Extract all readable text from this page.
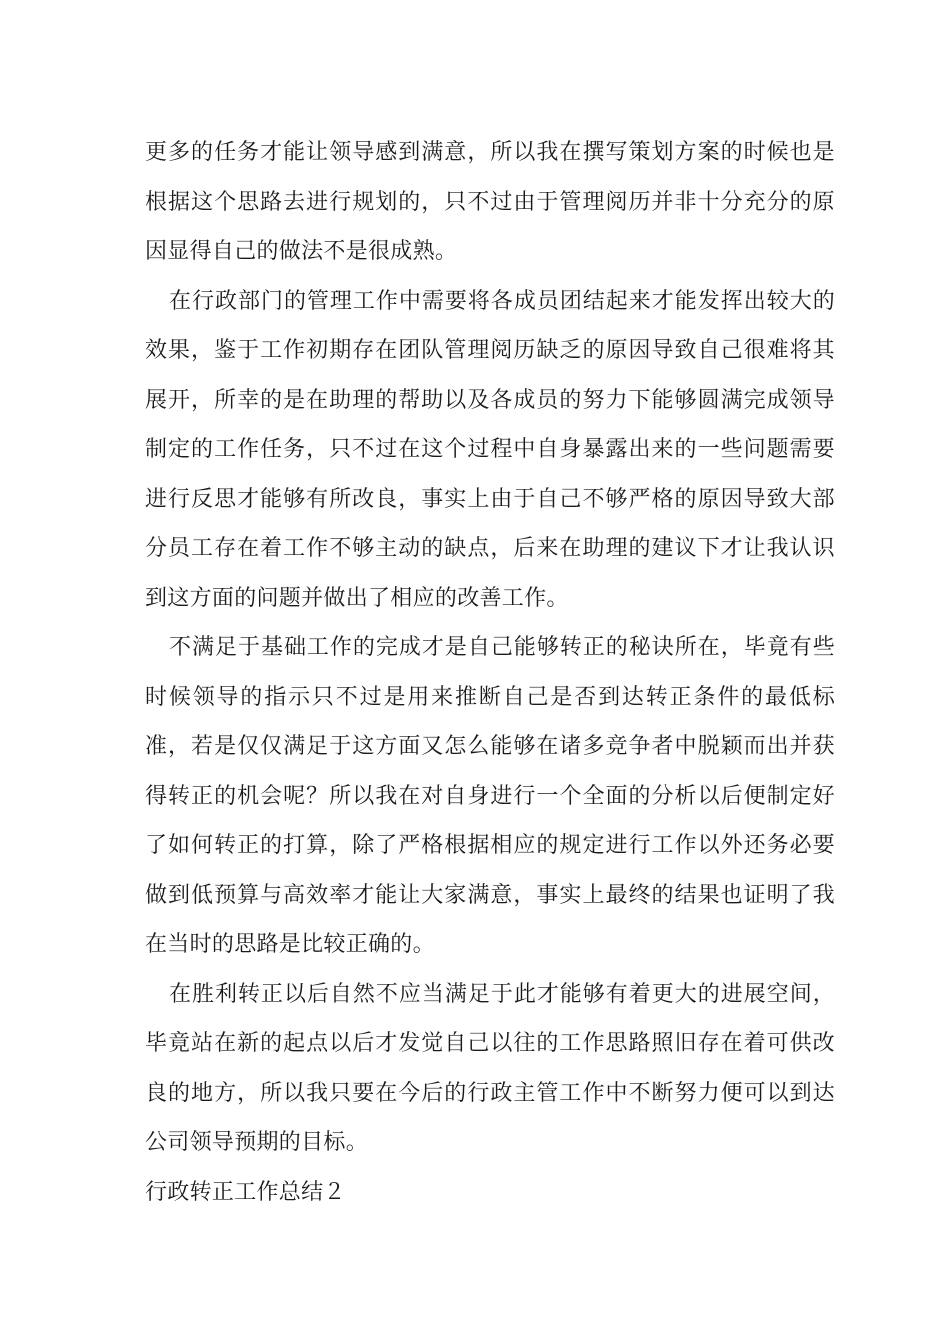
更多的任务才能让领导感到满意，所以我在撰写策划方案的时候也是根据这个思路去进行规划的，只不过由于管理阅历并非十分充分的原因显得自己的做法不是很成熟。

在行政部门的管理工作中需要将各成员团结起来才能发挥出较大的效果，鉴于工作初期存在团队管理阅历缺乏的原因导致自己很难将其展开，所幸的是在助理的帮助以及各成员的努力下能够圆满完成领导制定的工作任务，只不过在这个过程中自身暴露出来的一些问题需要进行反思才能够有所改良，事实上由于自己不够严格的原因导致大部分员工存在着工作不够主动的缺点，后来在助理的建议下才让我认识到这方面的问题并做出了相应的改善工作。

不满足于基础工作的完成才是自己能够转正的秘诀所在，毕竟有些时候领导的指示只不过是用来推断自己是否到达转正条件的最低标准，若是仅仅满足于这方面又怎么能够在诸多竞争者中脱颖而出并获得转正的机会呢？所以我在对自身进行一个全面的分析以后便制定好了如何转正的打算，除了严格根据相应的规定进行工作以外还务必要做到低预算与高效率才能让大家满意，事实上最终的结果也证明了我在当时的思路是比较正确的。

在胜利转正以后自然不应当满足于此才能够有着更大的进展空间，毕竟站在新的起点以后才发觉自己以往的工作思路照旧存在着可供改良的地方，所以我只要在今后的行政主管工作中不断努力便可以到达公司领导预期的目标。

行政转正工作总结２
